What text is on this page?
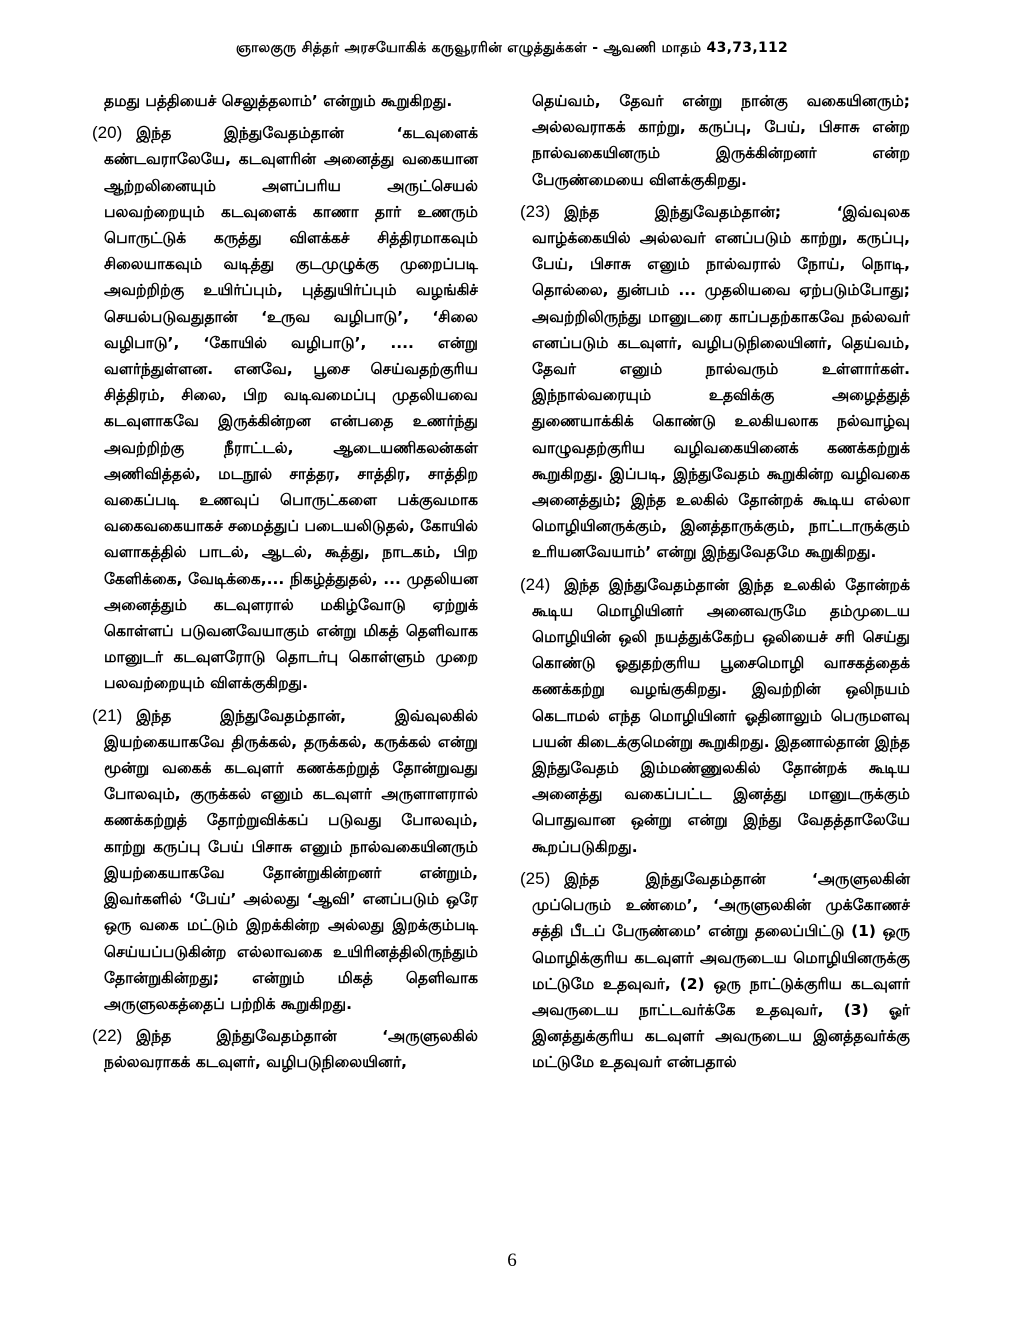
ஞாலகுரு சித்தர் அரசயோகிக் கருவூரரின் எழுத்துக்கள் - ஆவணி மாதம் 43,73,112

தமது பத்தியைச் செலுத்தலாம்’ என்றும் கூறுகிறது.

(20) இந்த இந்துவேதம்தான் ‘கடவுளைக் கண்டவராலேயே, கடவுளரின் அனைத்து வகையான ஆற்றலினையும் அளப்பரிய அருட்செயல் பலவற்றையும் கடவுளைக் காணா தார் உணரும் பொருட்டுக் கருத்து விளக்கச் சித்திரமாகவும் சிலையாகவும் வடித்து குடமுழுக்கு முறைப்படி அவற்றிற்கு உயிர்ப்பும், புத்துயிர்ப்பும் வழங்கிச் செயல்படுவதுதான் ‘உருவ வழிபாடு’, ‘சிலை வழிபாடு’, ‘கோயில் வழிபாடு’, .... என்று வளர்ந்துள்ளன. எனவே, பூசை செய்வதற்குரிய சித்திரம், சிலை, பிற வடிவமைப்பு முதலியவை கடவுளாகவே இருக்கின்றன என்பதை உணர்ந்து அவற்றிற்கு நீராட்டல், ஆடையணிகலன்கள் அணிவித்தல், மடநூல் சாத்தர, சாத்திர, சாத்திற வகைப்படி உணவுப் பொருட்களை பக்குவமாக வகைவகையாகச் சமைத்துப் படையலிடுதல், கோயில் வளாகத்தில் பாடல், ஆடல், கூத்து, நாடகம், பிற கேளிக்கை, வேடிக்கை,... நிகழ்த்துதல், ... முதலியன அனைத்தும் கடவுளரால் மகிழ்வோடு ஏற்றுக் கொள்ளப் படுவனவேயாகும் என்று மிகத் தெளிவாக மானுடர் கடவுளரோடு தொடர்பு கொள்ளும் முறை பலவற்றையும் விளக்குகிறது.
(21) இந்த இந்துவேதம்தான், இவ்வுலகில் இயற்கையாகவே திருக்கல், தருக்கல், கருக்கல் என்று மூன்று வகைக் கடவுளர் கணக்கற்றுத் தோன்றுவது போலவும், குருக்கல் எனும் கடவுளர் அருளாளரால் கணக்கற்றுத் தோற்றுவிக்கப் படுவது போலவும், காற்று கருப்பு பேய் பிசாசு எனும் நால்வகையினரும் இயற்கையாகவே தோன்றுகின்றனர் என்றும், இவர்களில் ‘பேய்’ அல்லது ‘ஆவி’ எனப்படும் ஒரே ஒரு வகை மட்டும் இறக்கின்ற அல்லது இறக்கும்படி செய்யப்படுகின்ற எல்லாவகை உயிரினத்திலிருந்தும் தோன்றுகின்றது; என்றும் மிகத் தெளிவாக அருளுலகத்தைப் பற்றிக் கூறுகிறது.
(22) இந்த இந்துவேதம்தான் ‘அருளுலகில் நல்லவராகக் கடவுளர், வழிபடுநிலையினர்,

தெய்வம், தேவர் என்று நான்கு வகையினரும்; அல்லவராகக் காற்று, கருப்பு, பேய், பிசாசு என்ற நால்வகையினரும் இருக்கின்றனர் என்ற பேருண்மையை விளக்குகிறது.

(23) இந்த இந்துவேதம்தான்; ‘இவ்வுலக வாழ்க்கையில் அல்லவர் எனப்படும் காற்று, கருப்பு, பேய், பிசாசு எனும் நால்வரால் நோய், நொடி, தொல்லை, துன்பம் ... முதலியவை ஏற்படும்போது; அவற்றிலிருந்து மானுடரை காப்பதற்காகவே நல்லவர் எனப்படும் கடவுளர், வழிபடுநிலையினர், தெய்வம், தேவர் எனும் நால்வரும் உள்ளார்கள். இந்நால்வரையும் உதவிக்கு அழைத்துத் துணையாக்கிக் கொண்டு உலகியலாக நல்வாழ்வு வாழுவதற்குரிய வழிவகையினைக் கணக்கற்றுக் கூறுகிறது. இப்படி, இந்துவேதம் கூறுகின்ற வழிவகை அனைத்தும்; இந்த உலகில் தோன்றக் கூடிய எல்லா மொழியினருக்கும், இனத்தாருக்கும், நாட்டாருக்கும் உரியனவேயாம்’ என்று இந்துவேதமே கூறுகிறது.
(24) இந்த இந்துவேதம்தான் இந்த உலகில் தோன்றக் கூடிய மொழியினர் அனைவருமே தம்முடைய மொழியின் ஒலி நயத்துக்கேற்ப ஒலியைச் சரி செய்து கொண்டு ஓதுதற்குரிய பூசைமொழி வாசகத்தைக் கணக்கற்று வழங்குகிறது. இவற்றின் ஒலிநயம் கெடாமல் எந்த மொழியினர் ஓதினாலும் பெருமளவு பயன் கிடைக்குமென்று கூறுகிறது. இதனால்தான் இந்த இந்துவேதம் இம்மண்ணுலகில் தோன்றக் கூடிய அனைத்து வகைப்பட்ட இனத்து மானுடருக்கும் பொதுவான ஒன்று என்று இந்து வேதத்தாலேயே கூறப்படுகிறது.
(25) இந்த இந்துவேதம்தான் ‘அருளுலகின் முப்பெரும் உண்மை’, ‘அருளுலகின் முக்கோணச் சத்தி பீடப் பேருண்மை’ என்று தலைப்பிட்டு (1) ஒரு மொழிக்குரிய கடவுளர் அவருடைய மொழியினருக்கு மட்டுமே உதவுவர், (2) ஒரு நாட்டுக்குரிய கடவுளர் அவருடைய நாட்டவர்க்கே உதவுவர், (3) ஓர் இனத்துக்குரிய கடவுளர் அவருடைய இனத்தவர்க்கு மட்டுமே உதவுவர் என்பதால்
6
